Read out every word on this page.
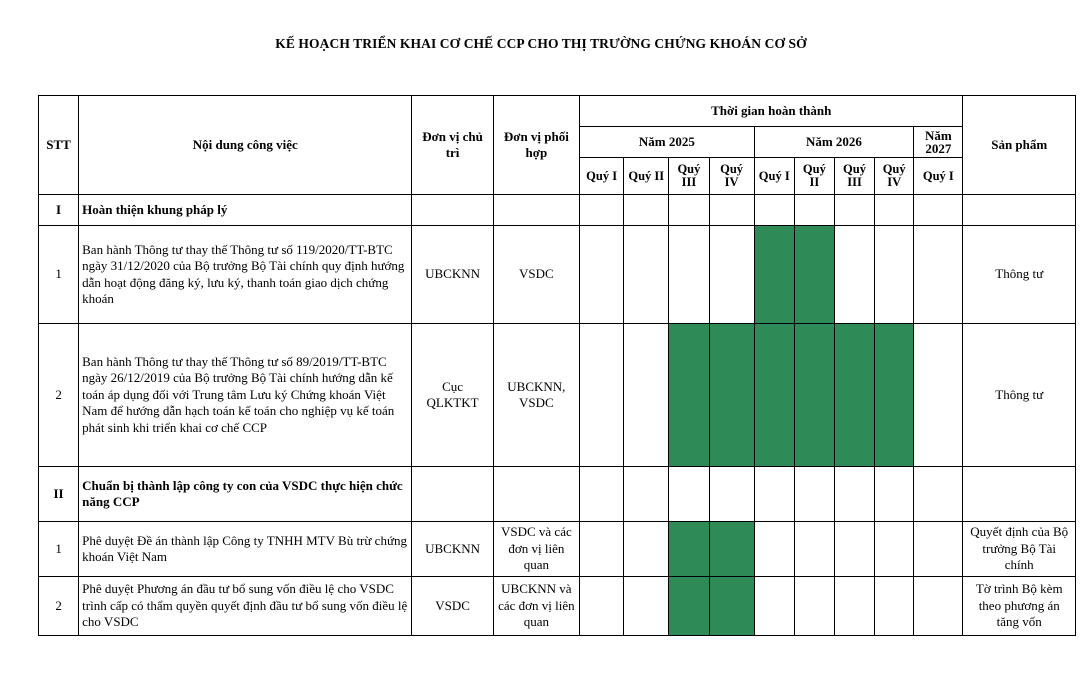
KẾ HOẠCH TRIỂN KHAI CƠ CHẾ CCP CHO THỊ TRƯỜNG CHỨNG KHOÁN CƠ SỞ
STT	Nội dung công việc	Đơn vị chủ trì	Đơn vị phối hợp	Thời gian hoàn thành									Sản phẩm
				Năm 2025				Năm 2026				Năm 2027	
				Quý I	Quý II	Quý III	Quý IV	Quý I	Quý II	Quý III	Quý IV	Quý I	
I	Hoàn thiện khung pháp lý												
1	Ban hành Thông tư thay thế Thông tư số 119/2020/TT-BTC ngày 31/12/2020 của Bộ trưởng Bộ Tài chính quy định hướng dẫn hoạt động đăng ký, lưu ký, thanh toán giao dịch chứng khoán	UBCKNN	VSDC										Thông tư
2	Ban hành Thông tư thay thế Thông tư số 89/2019/TT-BTC ngày 26/12/2019 của Bộ trưởng Bộ Tài chính hướng dẫn kế toán áp dụng đối với Trung tâm Lưu ký Chứng khoán Việt Nam để hướng dẫn hạch toán kế toán cho nghiệp vụ kế toán phát sinh khi triển khai cơ chế CCP	Cục QLKTKT	UBCKNN, VSDC										Thông tư
II	Chuẩn bị thành lập công ty con của VSDC thực hiện chức năng CCP												
1	Phê duyệt Đề án thành lập Công ty TNHH MTV Bù trừ chứng khoán Việt Nam	UBCKNN	VSDC và các đơn vị liên quan										Quyết định của Bộ trưởng Bộ Tài chính
2	Phê duyệt Phương án đầu tư bổ sung vốn điều lệ cho VSDC trình cấp có thẩm quyền quyết định đầu tư bổ sung vốn điều lệ cho VSDC	VSDC	UBCKNN và các đơn vị liên quan										Tờ trình Bộ kèm theo phương án tăng vốn
